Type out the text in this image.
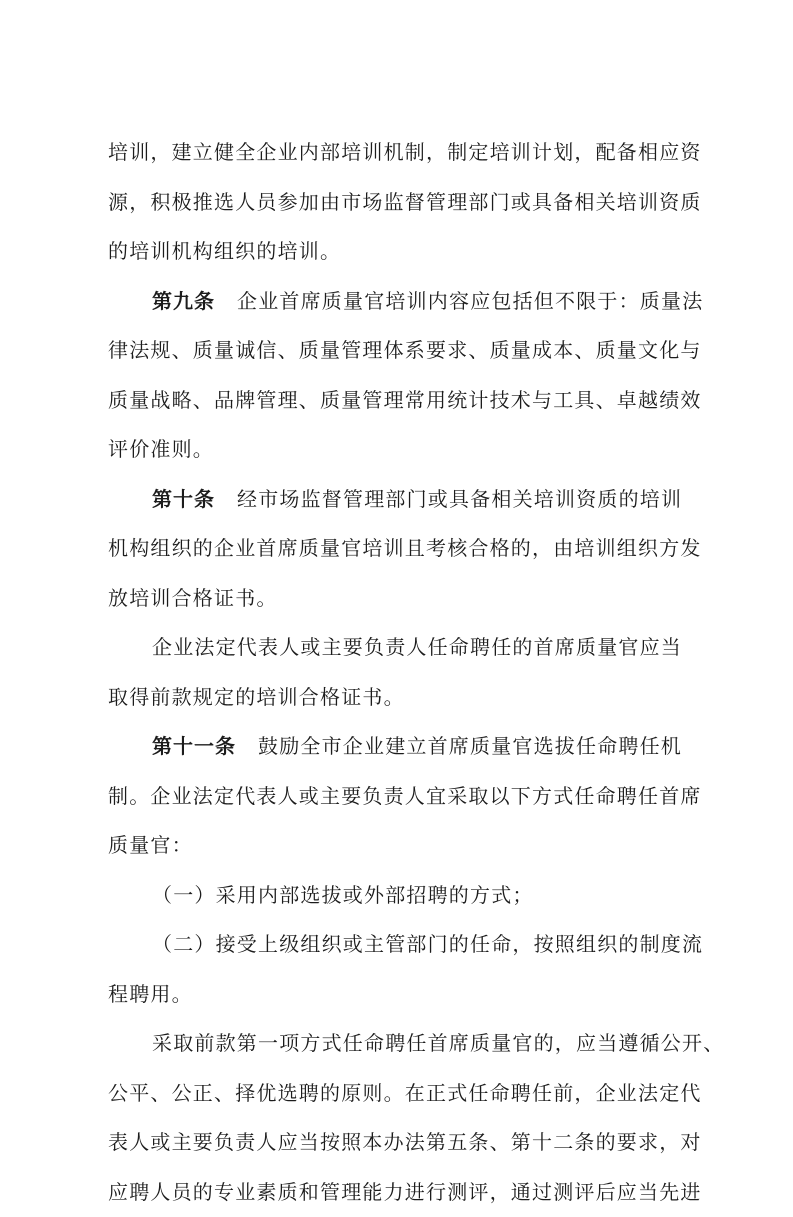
培训，建立健全企业内部培训机制，制定培训计划，配备相应资
源，积极推选人员参加由市场监督管理部门或具备相关培训资质
的培训机构组织的培训。
第九条 企业首席质量官培训内容应包括但不限于：质量法
律法规、质量诚信、质量管理体系要求、质量成本、质量文化与
质量战略、品牌管理、质量管理常用统计技术与工具、卓越绩效
评价准则。
第十条 经市场监督管理部门或具备相关培训资质的培训
机构组织的企业首席质量官培训且考核合格的，由培训组织方发
放培训合格证书。
企业法定代表人或主要负责人任命聘任的首席质量官应当
取得前款规定的培训合格证书。
第十一条 鼓励全市企业建立首席质量官选拔任命聘任机
制。企业法定代表人或主要负责人宜采取以下方式任命聘任首席
质量官：
（一）采用内部选拔或外部招聘的方式；
（二）接受上级组织或主管部门的任命，按照组织的制度流
程聘用。
采取前款第一项方式任命聘任首席质量官的，应当遵循公开、
公平、公正、择优选聘的原则。在正式任命聘任前，企业法定代
表人或主要负责人应当按照本办法第五条、第十二条的要求，对
应聘人员的专业素质和管理能力进行测评，通过测评后应当先进
